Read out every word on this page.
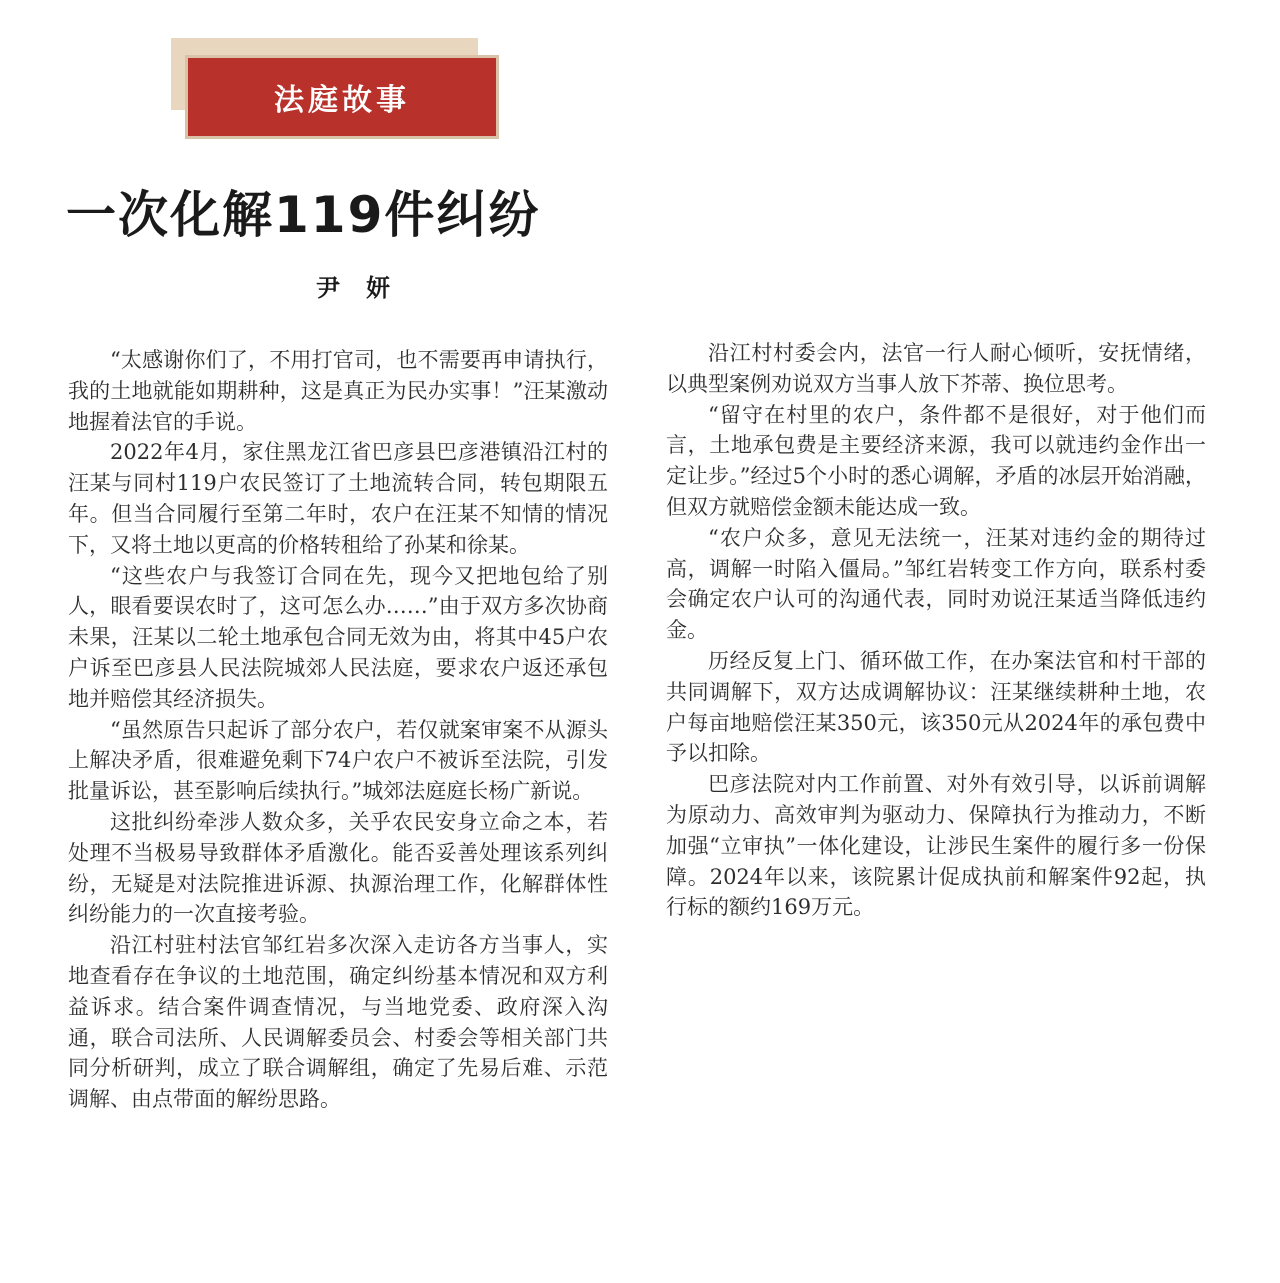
法庭故事
一次化解119件纠纷
尹妍

“太感谢你们了，不用打官司，也不需要再申请执行，我的土地就能如期耕种，这是真正为民办实事！”汪某激动地握着法官的手说。

2022年4月，家住黑龙江省巴彦县巴彦港镇沿江村的汪某与同村119户农民签订了土地流转合同，转包期限五年。但当合同履行至第二年时，农户在汪某不知情的情况下，又将土地以更高的价格转租给了孙某和徐某。

“这些农户与我签订合同在先，现今又把地包给了别人，眼看要误农时了，这可怎么办……”由于双方多次协商未果，汪某以二轮土地承包合同无效为由，将其中45户农户诉至巴彦县人民法院城郊人民法庭，要求农户返还承包地并赔偿其经济损失。

“虽然原告只起诉了部分农户，若仅就案审案不从源头上解决矛盾，很难避免剩下74户农户不被诉至法院，引发批量诉讼，甚至影响后续执行。”城郊法庭庭长杨广新说。

这批纠纷牵涉人数众多，关乎农民安身立命之本，若处理不当极易导致群体矛盾激化。能否妥善处理该系列纠纷，无疑是对法院推进诉源、执源治理工作，化解群体性纠纷能力的一次直接考验。

沿江村驻村法官邹红岩多次深入走访各方当事人，实地查看存在争议的土地范围，确定纠纷基本情况和双方利益诉求。结合案件调查情况，与当地党委、政府深入沟通，联合司法所、人民调解委员会、村委会等相关部门共同分析研判，成立了联合调解组，确定了先易后难、示范调解、由点带面的解纷思路。

沿江村村委会内，法官一行人耐心倾听，安抚情绪，以典型案例劝说双方当事人放下芥蒂、换位思考。

“留守在村里的农户，条件都不是很好，对于他们而言，土地承包费是主要经济来源，我可以就违约金作出一定让步。”经过5个小时的悉心调解，矛盾的冰层开始消融，但双方就赔偿金额未能达成一致。

“农户众多，意见无法统一，汪某对违约金的期待过高，调解一时陷入僵局。”邹红岩转变工作方向，联系村委会确定农户认可的沟通代表，同时劝说汪某适当降低违约金。

历经反复上门、循环做工作，在办案法官和村干部的共同调解下，双方达成调解协议：汪某继续耕种土地，农户每亩地赔偿汪某350元，该350元从2024年的承包费中予以扣除。

巴彦法院对内工作前置、对外有效引导，以诉前调解为原动力、高效审判为驱动力、保障执行为推动力，不断加强“立审执”一体化建设，让涉民生案件的履行多一份保障。2024年以来，该院累计促成执前和解案件92起，执行标的额约169万元。
